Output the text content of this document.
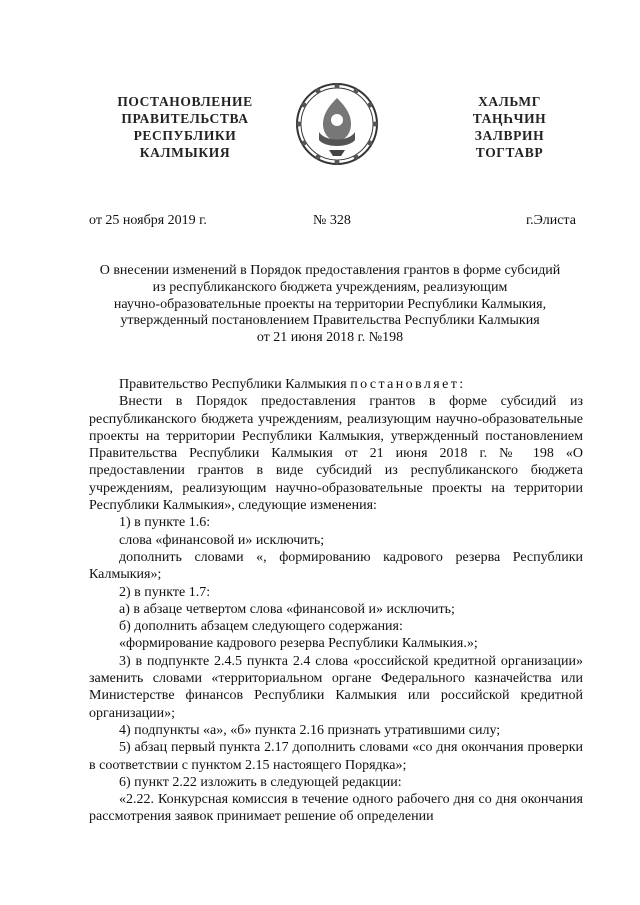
ПОСТАНОВЛЕНИЕ
ПРАВИТЕЛЬСТВА
РЕСПУБЛИКИ
КАЛМЫКИЯ
ХАЛЬМГ
ТАҢҺЧИН
ЗАЛВРИН
ТОГТАВР
от 25 ноября 2019 г.	№ 328	г.Элиста
О внесении изменений в Порядок предоставления грантов в форме субсидий
из республиканского бюджета учреждениям, реализующим
научно-образовательные проекты на территории Республики Калмыкия,
утвержденный постановлением Правительства Республики Калмыкия
от 21 июня 2018 г. №198

Правительство Республики Калмыкия постановляет:

Внести в Порядок предоставления грантов в форме субсидий из республиканского бюджета учреждениям, реализующим научно-образовательные проекты на территории Республики Калмыкия, утвержденный постановлением Правительства Республики Калмыкия от 21 июня 2018 г. № 198 «О предоставлении грантов в виде субсидий из республиканского бюджета учреждениям, реализующим научно-образовательные проекты на территории Республики Калмыкия», следующие изменения:

1) в пункте 1.6:

слова «финансовой и» исключить;

дополнить словами «, формированию кадрового резерва Республики Калмыкия»;

2) в пункте 1.7:

а) в абзаце четвертом слова «финансовой и» исключить;

б) дополнить абзацем следующего содержания:

«формирование кадрового резерва Республики Калмыкия.»;

3) в подпункте 2.4.5 пункта 2.4 слова «российской кредитной организации» заменить словами «территориальном органе Федерального казначейства или Министерстве финансов Республики Калмыкия или российской кредитной организации»;

4) подпункты «а», «б» пункта 2.16 признать утратившими силу;

5) абзац первый пункта 2.17 дополнить словами «со дня окончания проверки в соответствии с пунктом 2.15 настоящего Порядка»;

6) пункт 2.22 изложить в следующей редакции:

«2.22. Конкурсная комиссия в течение одного рабочего дня со дня окончания рассмотрения заявок принимает решение об определении
